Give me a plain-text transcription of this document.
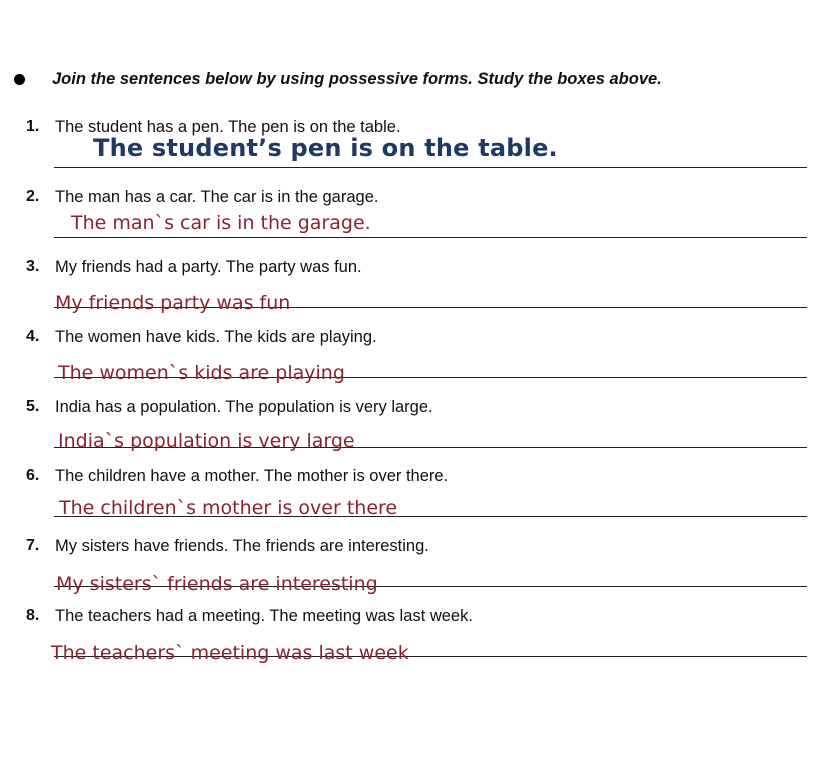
Join the sentences below by using possessive forms. Study the boxes above.
1. The student has a pen. The pen is on the table.
The student’s pen is on the table.
2. The man has a car. The car is in the garage.
The man`s car is in the garage.
3. My friends had a party. The party was fun.
My friends party was fun
4. The women have kids. The kids are playing.
The women`s kids are playing
5. India has a population. The population is very large.
India`s population is very large
6. The children have a mother. The mother is over there.
The children`s mother is over there
7. My sisters have friends. The friends are interesting.
My sisters` friends are interesting
8. The teachers had a meeting. The meeting was last week.
The teachers` meeting was last week
